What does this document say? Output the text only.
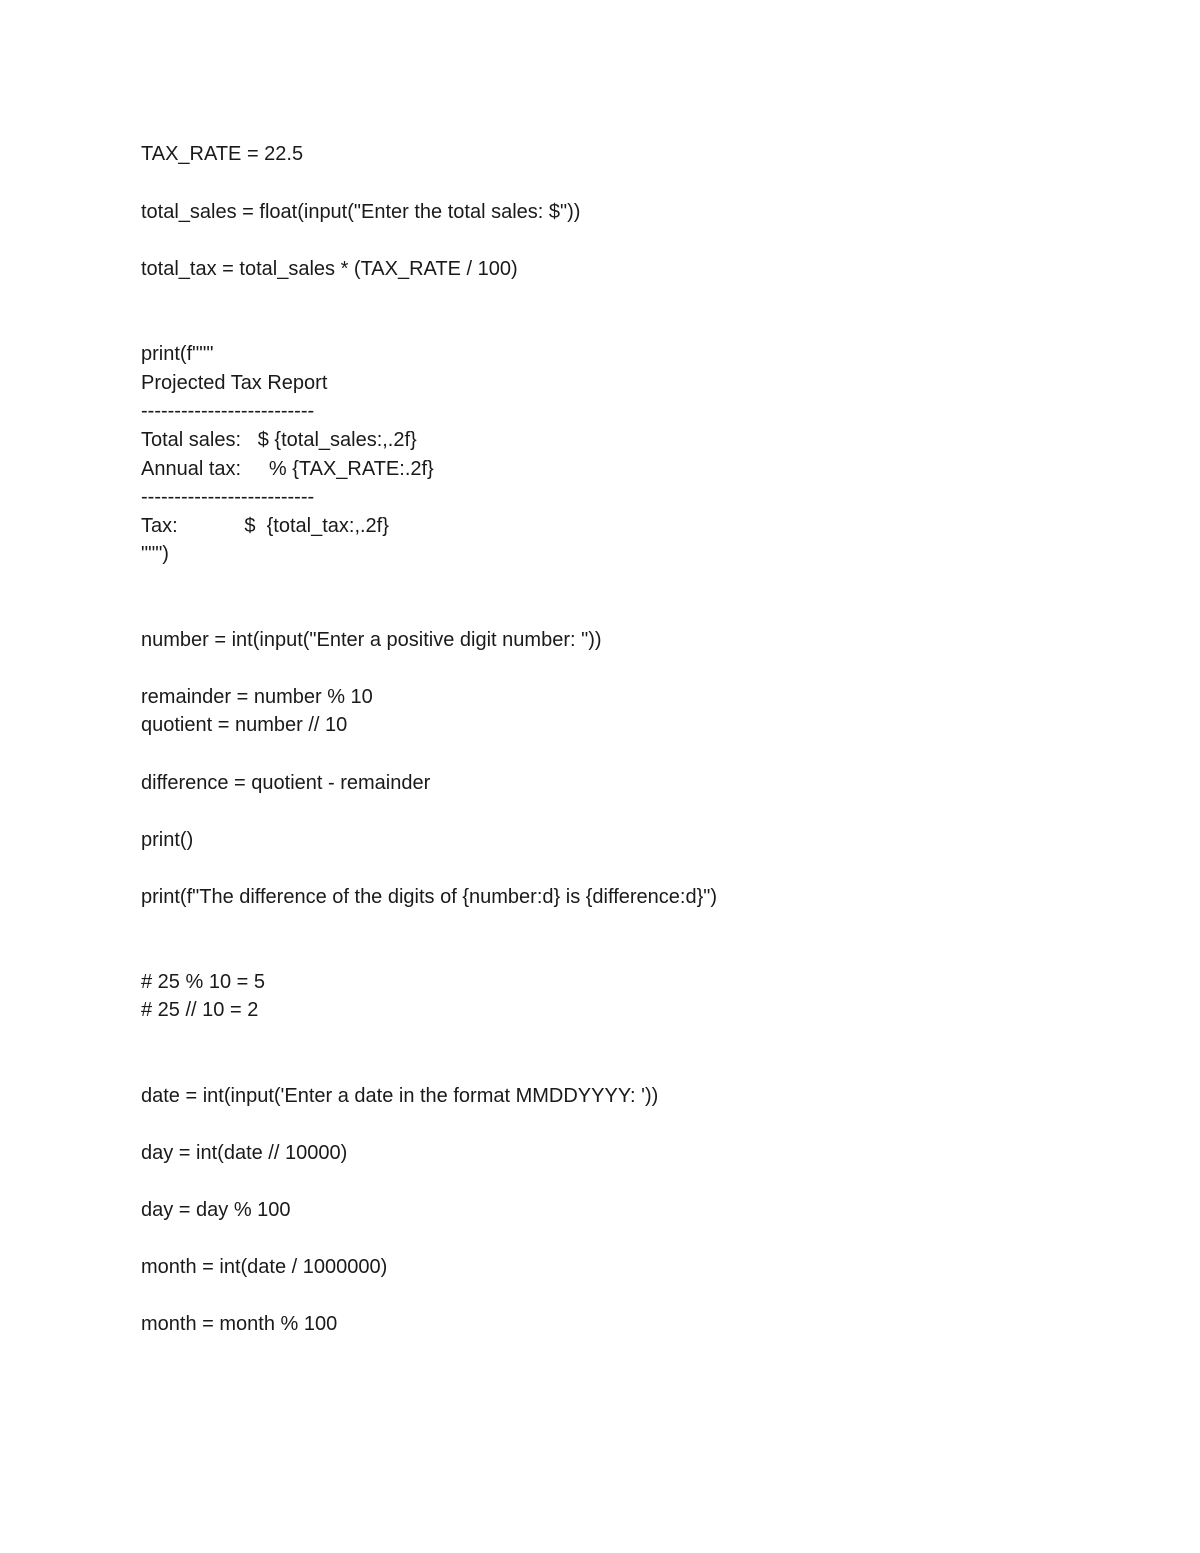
TAX_RATE = 22.5

total_sales = float(input("Enter the total sales: $"))

total_tax = total_sales * (TAX_RATE / 100)

print(f"""

Projected Tax Report

--------------------------

Total sales:   $ {total_sales:,.2f}

Annual tax:     % {TAX_RATE:.2f}

--------------------------

Tax:            $  {total_tax:,.2f}

""")

number = int(input("Enter a positive digit number: "))

remainder = number % 10

quotient = number // 10

difference = quotient - remainder

print()

print(f"The difference of the digits of {number:d} is {difference:d}")

# 25 % 10 = 5

# 25 // 10 = 2

date = int(input('Enter a date in the format MMDDYYYY: '))

day = int(date // 10000)

day = day % 100

month = int(date / 1000000)

month = month % 100
